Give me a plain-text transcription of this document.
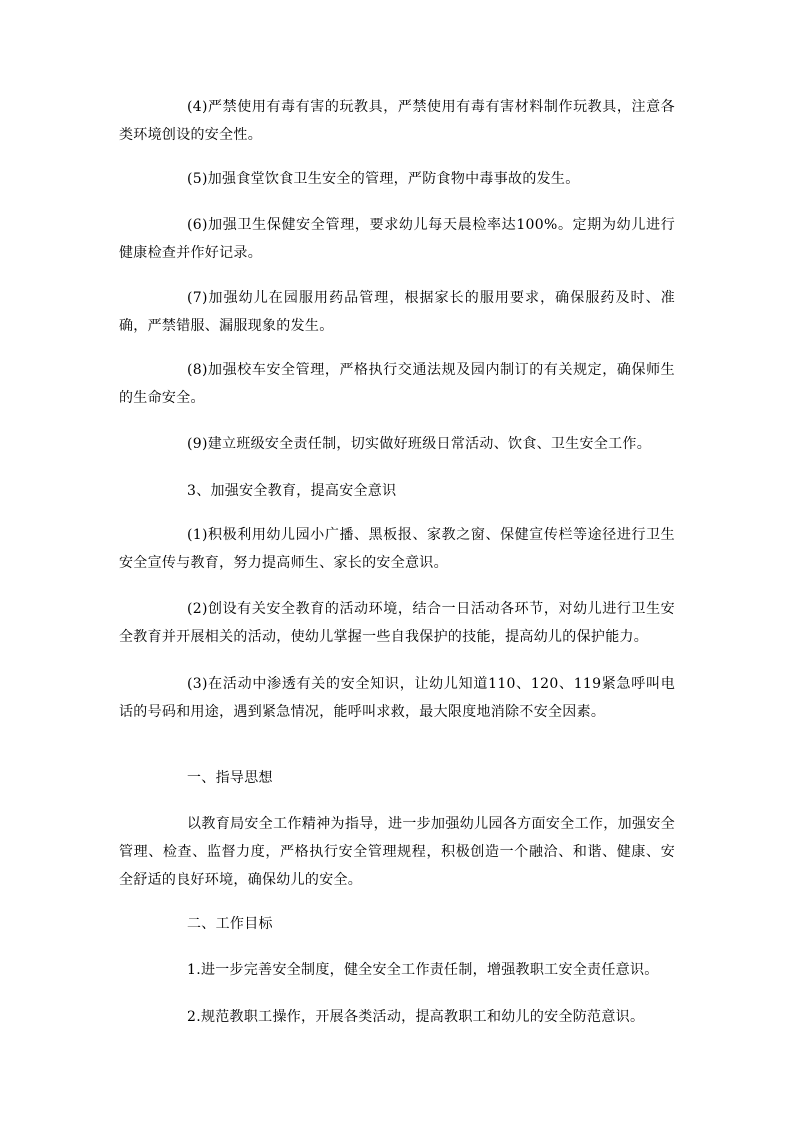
(4)严禁使用有毒有害的玩教具，严禁使用有毒有害材料制作玩教具，注意各类环境创设的安全性。

(5)加强食堂饮食卫生安全的管理，严防食物中毒事故的发生。

(6)加强卫生保健安全管理，要求幼儿每天晨检率达100%。定期为幼儿进行健康检查并作好记录。

(7)加强幼儿在园服用药品管理，根据家长的服用要求，确保服药及时、准确，严禁错服、漏服现象的发生。

(8)加强校车安全管理，严格执行交通法规及园内制订的有关规定，确保师生的生命安全。

(9)建立班级安全责任制，切实做好班级日常活动、饮食、卫生安全工作。

3、加强安全教育，提高安全意识

(1)积极利用幼儿园小广播、黑板报、家教之窗、保健宣传栏等途径进行卫生安全宣传与教育，努力提高师生、家长的安全意识。

(2)创设有关安全教育的活动环境，结合一日活动各环节，对幼儿进行卫生安全教育并开展相关的活动，使幼儿掌握一些自我保护的技能，提高幼儿的保护能力。

(3)在活动中渗透有关的安全知识，让幼儿知道110、120、119紧急呼叫电话的号码和用途，遇到紧急情况，能呼叫求救，最大限度地消除不安全因素。

一、指导思想

以教育局安全工作精神为指导，进一步加强幼儿园各方面安全工作，加强安全管理、检查、监督力度，严格执行安全管理规程，积极创造一个融洽、和谐、健康、安全舒适的良好环境，确保幼儿的安全。

二、工作目标

1.进一步完善安全制度，健全安全工作责任制，增强教职工安全责任意识。

2.规范教职工操作，开展各类活动，提高教职工和幼儿的安全防范意识。
